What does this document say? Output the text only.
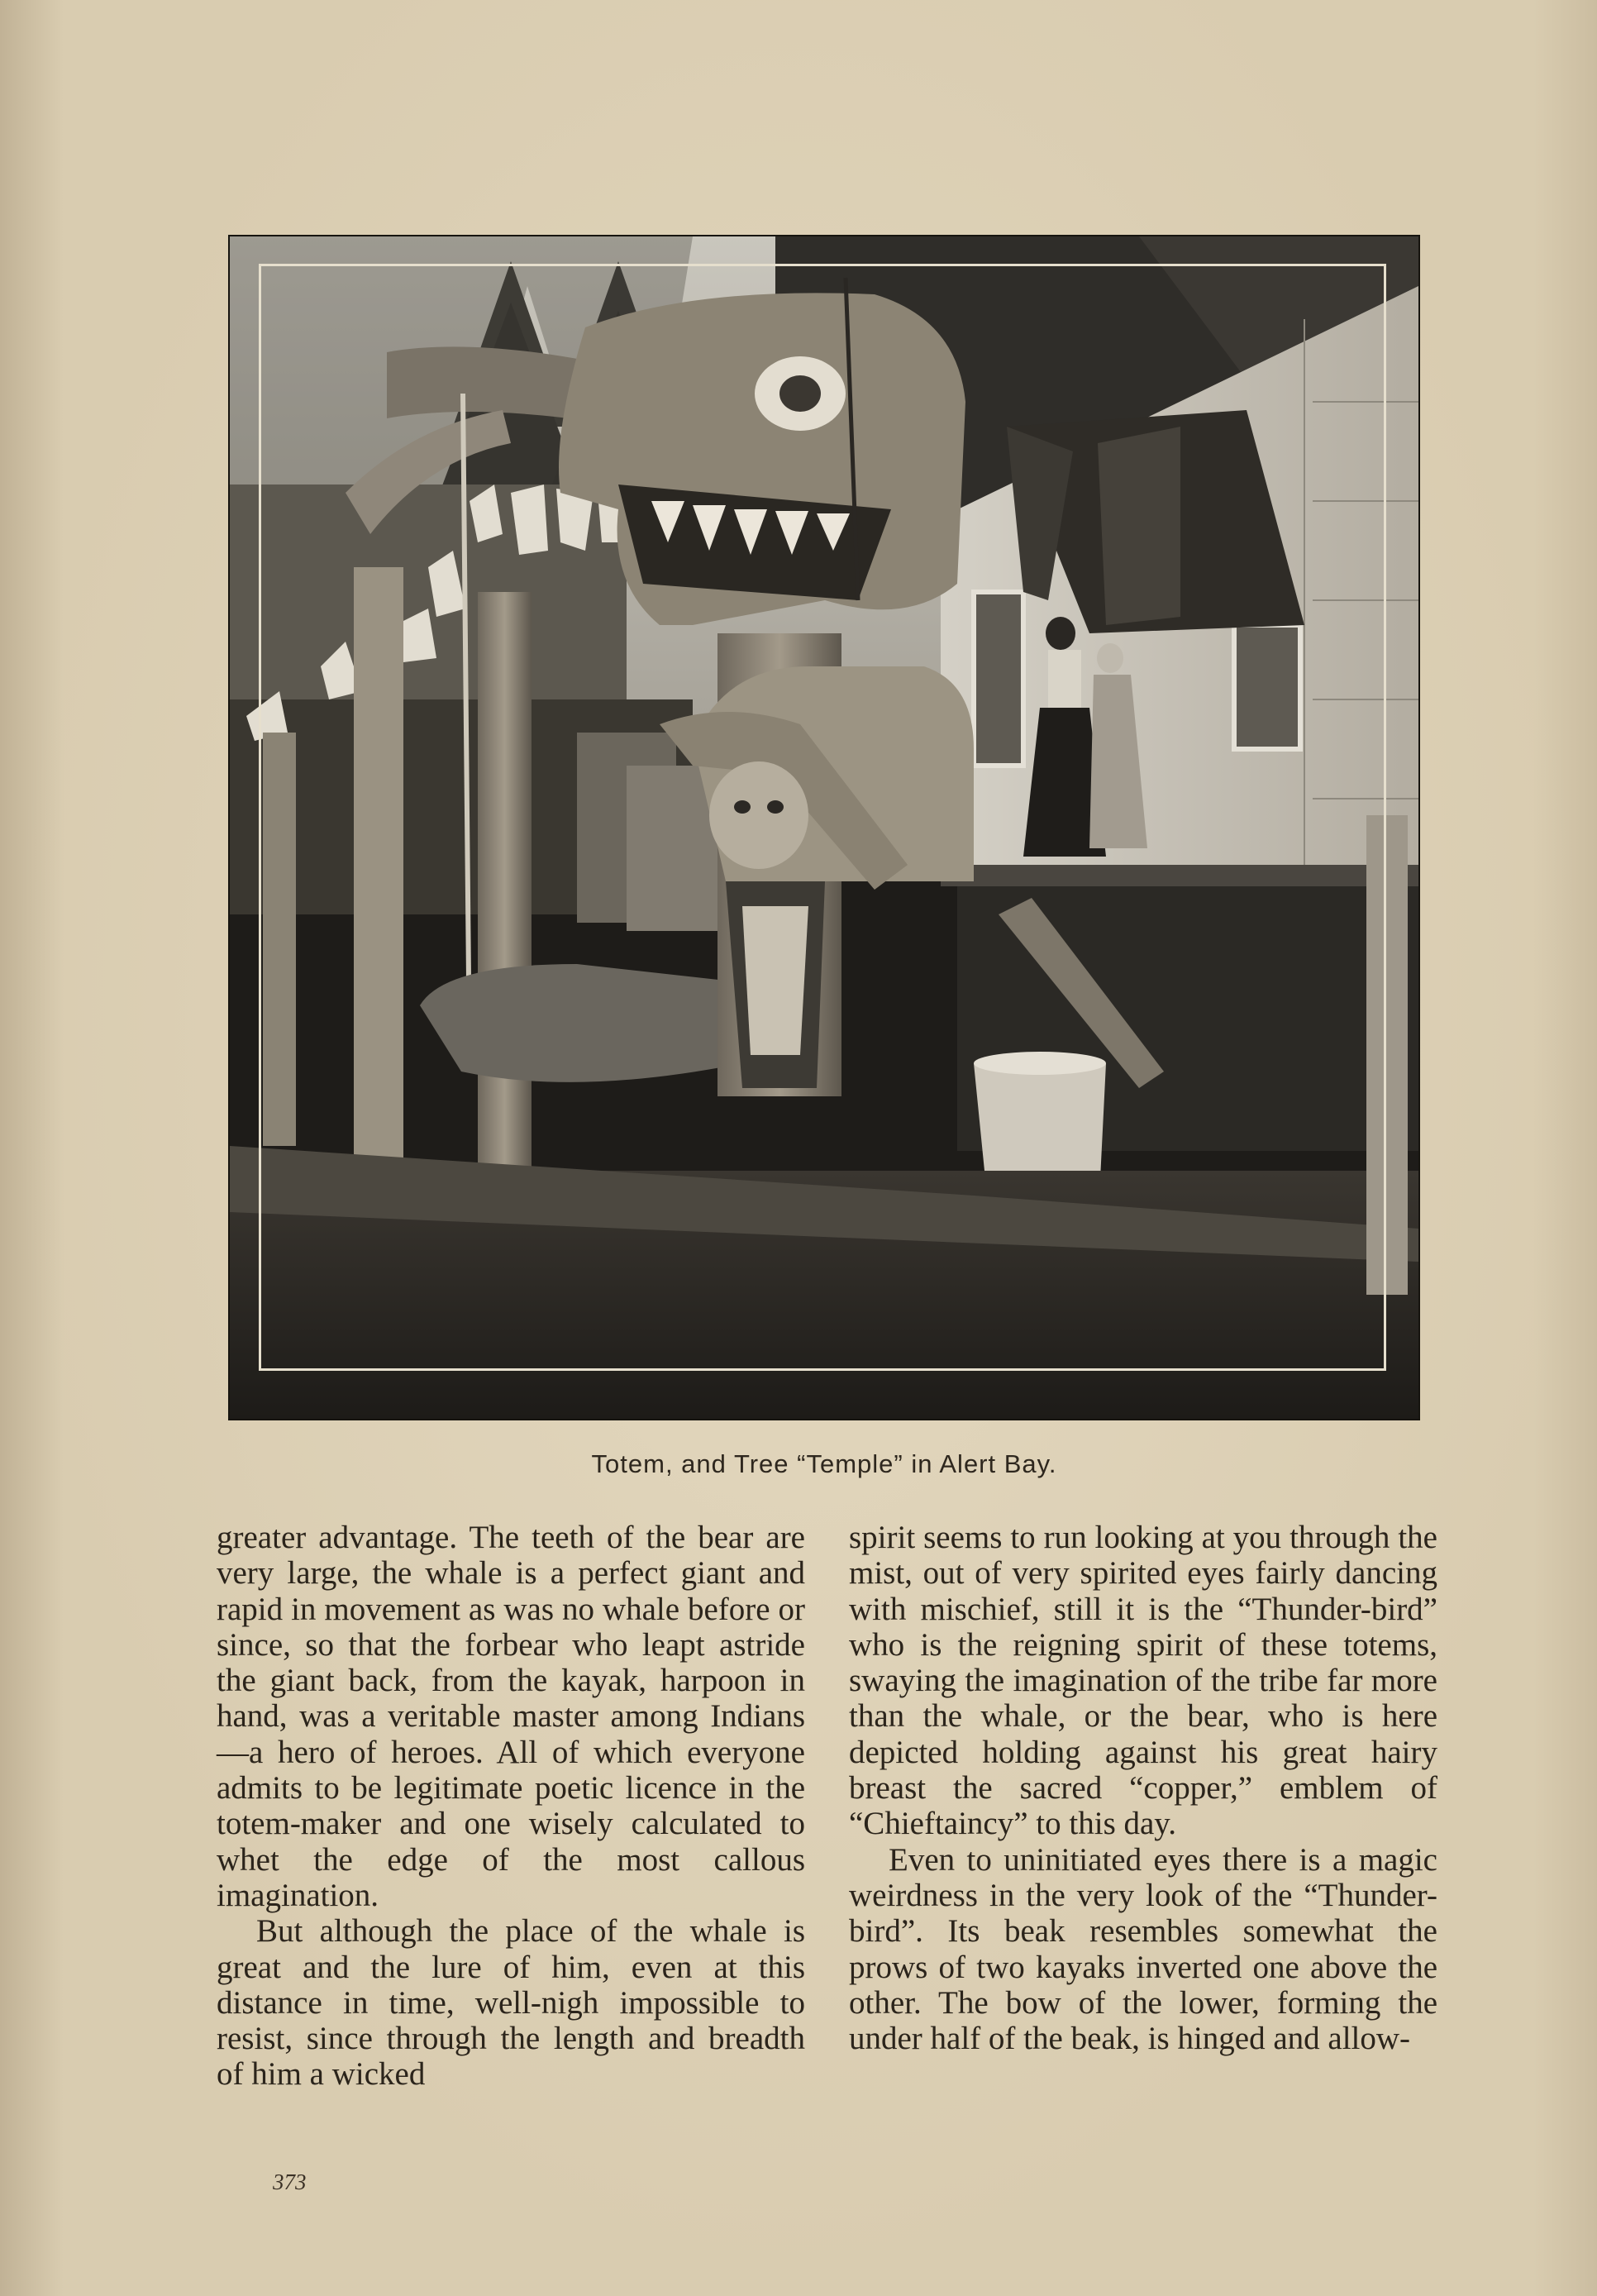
Totem, and Tree “Temple” in Alert Bay.

greater advantage. The teeth of the bear are very large, the whale is a perfect giant and rapid in movement as was no whale before or since, so that the forbear who leapt astride the giant back, from the kayak, harpoon in hand, was a veritable master among Indians—a hero of heroes. All of which everyone admits to be legitimate poetic licence in the totem-maker and one wisely calculated to whet the edge of the most callous imagination.

But although the place of the whale is great and the lure of him, even at this distance in time, well-nigh impossible to resist, since through the length and breadth of him a wicked

spirit seems to run looking at you through the mist, out of very spirited eyes fairly dancing with mischief, still it is the “Thunder-bird” who is the reigning spirit of these totems, swaying the imagination of the tribe far more than the whale, or the bear, who is here depicted holding against his great hairy breast the sacred “copper,” emblem of “Chieftaincy” to this day.

Even to uninitiated eyes there is a magic weirdness in the very look of the “Thunder-bird”. Its beak resembles somewhat the prows of two kayaks inverted one above the other. The bow of the lower, forming the under half of the beak, is hinged and allow-

373
